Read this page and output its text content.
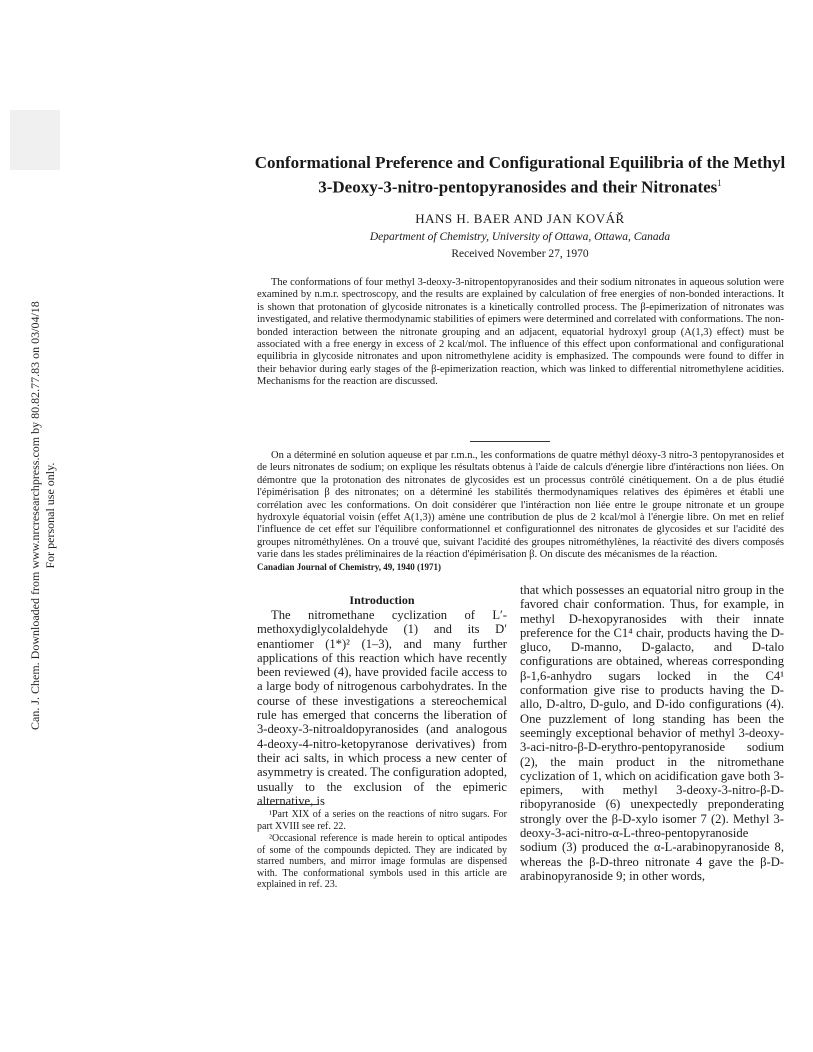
Can. J. Chem. Downloaded from www.nrcresearchpress.com by 80.82.77.83 on 03/04/18 For personal use only.
Conformational Preference and Configurational Equilibria of the Methyl
3-Deoxy-3-nitro-pentopyranosides and their Nitronates$^1$
HANS H. BAER AND JAN KOVÁŘ
Department of Chemistry, University of Ottawa, Ottawa, Canada
Received November 27, 1970

The conformations of four methyl 3-deoxy-3-nitropentopyranosides and their sodium nitronates in aqueous solution were examined by n.m.r. spectroscopy, and the results are explained by calculation of free energies of non-bonded interactions. It is shown that protonation of glycoside nitronates is a kinetically controlled process. The β-epimerization of nitronates was investigated, and relative thermodynamic stabilities of epimers were determined and correlated with conformations. The non-bonded interaction between the nitronate grouping and an adjacent, equatorial hydroxyl group (A(1,3) effect) must be associated with a free energy in excess of 2 kcal/mol. The influence of this effect upon conformational and configurational equilibria in glycoside nitronates and upon nitromethylene acidity is emphasized. The compounds were found to differ in their behavior during early stages of the β-epimerization reaction, which was linked to differential nitromethylene acidities. Mechanisms for the reaction are discussed.

On a déterminé en solution aqueuse et par r.m.n., les conformations de quatre méthyl déoxy-3 nitro-3 pentopyranosides et de leurs nitronates de sodium; on explique les résultats obtenus à l'aide de calculs d'énergie libre d'intéractions non liées. On démontre que la protonation des nitronates de glycosides est un processus contrôlé cinétiquement. On a de plus étudié l'épimérisation β des nitronates; on a déterminé les stabilités thermodynamiques relatives des épimères et établi une corrélation avec les conformations. On doit considérer que l'intéraction non liée entre le groupe nitronate et un groupe hydroxyle équatorial voisin (effet A(1,3)) amène une contribution de plus de 2 kcal/mol à l'énergie libre. On met en relief l'influence de cet effet sur l'équilibre conformationnel et configurationnel des nitronates de glycosides et sur l'acidité des groupes nitrométhylènes. On a trouvé que, suivant l'acidité des groupes nitrométhylènes, la réactivité des divers composés varie dans les stades préliminaires de la réaction d'épimérisation β. On discute des mécanismes de la réaction.

Canadian Journal of Chemistry, 49, 1940 (1971)
Introduction

The nitromethane cyclization of L′-methoxydiglycolaldehyde (1) and its D′ enantiomer (1*)² (1–3), and many further applications of this reaction which have recently been reviewed (4), have provided facile access to a large body of nitrogenous carbohydrates. In the course of these investigations a stereochemical rule has emerged that concerns the liberation of 3-deoxy-3-nitroaldopyranosides (and analogous 4-deoxy-4-nitro-ketopyranose derivatives) from their aci salts, in which process a new center of asymmetry is created. The configuration adopted, usually to the exclusion of the epimeric alternative, is

¹Part XIX of a series on the reactions of nitro sugars. For part XVIII see ref. 22.

²Occasional reference is made herein to optical antipodes of some of the compounds depicted. They are indicated by starred numbers, and mirror image formulas are dispensed with. The conformational symbols used in this article are explained in ref. 23.

that which possesses an equatorial nitro group in the favored chair conformation. Thus, for example, in methyl D-hexopyranosides with their innate preference for the C1⁴ chair, products having the D-gluco, D-manno, D-galacto, and D-talo configurations are obtained, whereas corresponding β-1,6-anhydro sugars locked in the C4¹ conformation give rise to products having the D-allo, D-altro, D-gulo, and D-ido configurations (4). One puzzlement of long standing has been the seemingly exceptional behavior of methyl 3-deoxy-3-aci-nitro-β-D-erythro-pentopyranoside sodium (2), the main product in the nitromethane cyclization of 1, which on acidification gave both 3-epimers, with methyl 3-deoxy-3-nitro-β-D-ribopyranoside (6) unexpectedly preponderating strongly over the β-D-xylo isomer 7 (2). Methyl 3-deoxy-3-aci-nitro-α-L-threo-pentopyranoside sodium (3) produced the α-L-arabinopyranoside 8, whereas the β-D-threo nitronate 4 gave the β-D-arabinopyranoside 9; in other words,
